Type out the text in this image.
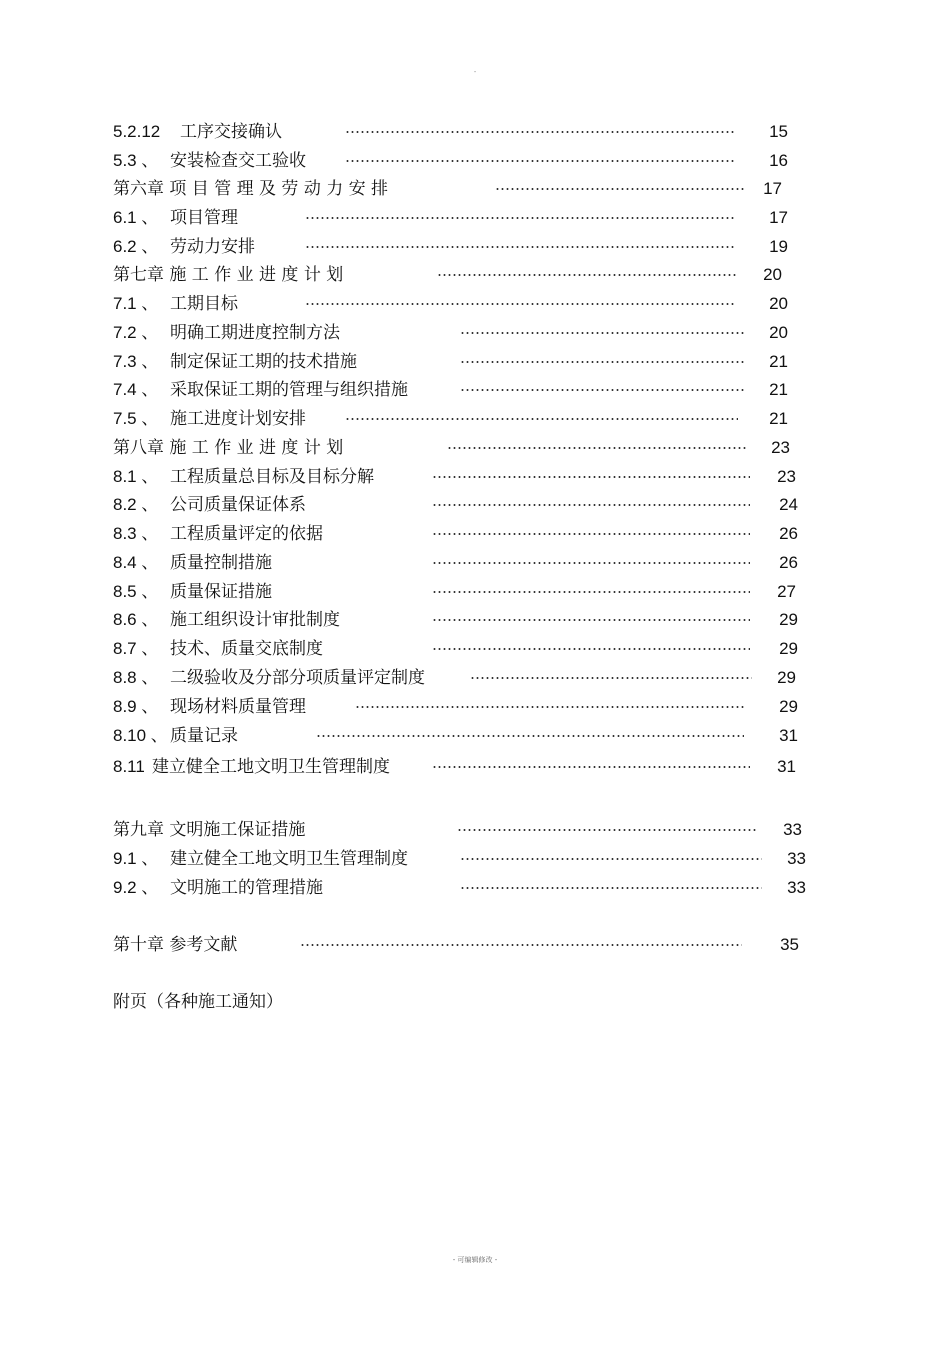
-
5.2.12 工序交接确认	15
5.3 、 安装检查交工验收	16
第六章 项 目 管 理 及 劳 动 力 安 排	17
6.1 、 项目管理	17
6.2 、 劳动力安排	19
第七章 施 工 作 业 进 度 计 划	20
7.1 、 工期目标	20
7.2 、 明确工期进度控制方法	20
7.3 、 制定保证工期的技术措施	21
7.4 、 采取保证工期的管理与组织措施	21
7.5 、 施工进度计划安排	21
第八章 施 工 作 业 进 度 计 划	23
8.1 、 工程质量总目标及目标分解	23
8.2 、 公司质量保证体系	24
8.3 、 工程质量评定的依据	26
8.4 、 质量控制措施	26
8.5 、 质量保证措施	27
8.6 、 施工组织设计审批制度	29
8.7 、 技术、质量交底制度	29
8.8 、 二级验收及分部分项质量评定制度	29
8.9 、 现场材料质量管理	29
8.10 、 质量记录	31
8.11 建立健全工地文明卫生管理制度	31
第九章 文明施工保证措施	33
9.1 、 建立健全工地文明卫生管理制度	33
9.2 、 文明施工的管理措施	33
第十章 参考文献	35
附页（各种施工通知）
- 可编辑修改 -
